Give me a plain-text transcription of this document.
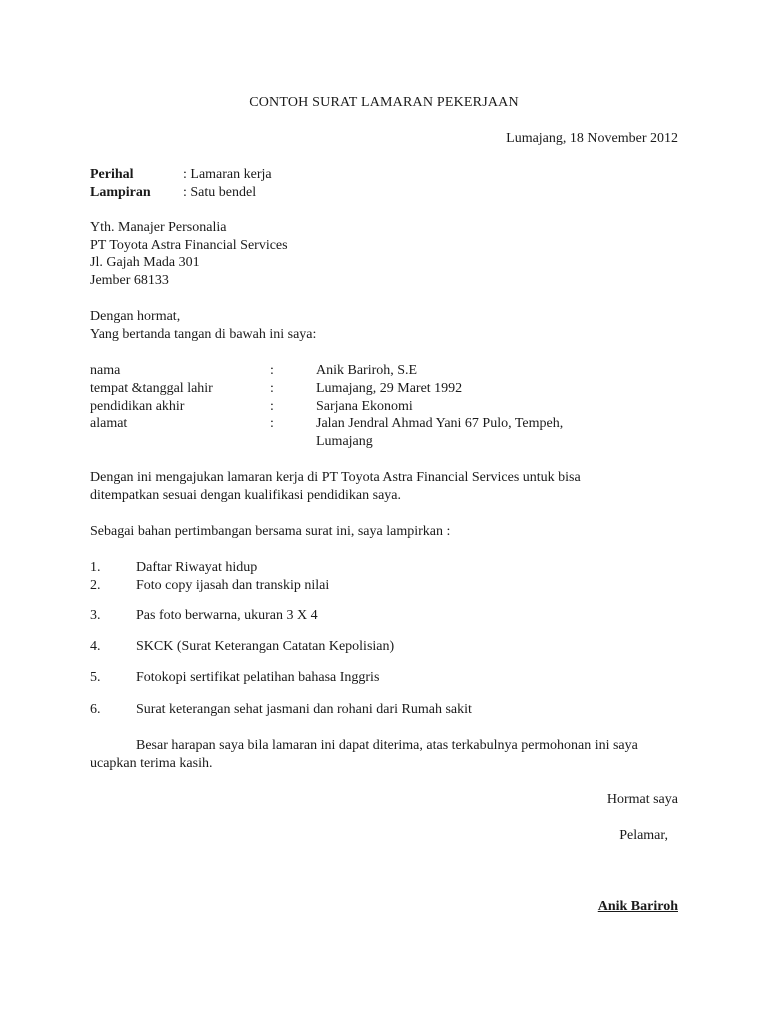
CONTOH SURAT LAMARAN PEKERJAAN
Lumajang, 18 November 2012
Perihal	: Lamaran kerja
Lampiran : Satu bendel
Yth. Manajer Personalia
PT Toyota Astra Financial Services
Jl. Gajah Mada 301
Jember 68133
Dengan hormat,
Yang bertanda tangan di bawah ini saya:
nama	:	Anik Bariroh, S.E
tempat &tanggal lahir	:	Lumajang, 29 Maret 1992
pendidikan akhir	:	Sarjana Ekonomi
alamat	:	Jalan Jendral Ahmad Yani 67 Pulo, Tempeh,
Lumajang
Dengan ini mengajukan lamaran kerja di PT Toyota Astra Financial Services untuk bisa
ditempatkan sesuai dengan kualifikasi pendidikan saya.
Sebagai bahan pertimbangan bersama surat ini, saya lampirkan :
1.	Daftar Riwayat hidup
2.	Foto copy ijasah dan transkip nilai
3.	Pas foto berwarna, ukuran 3 X 4
4.	SKCK (Surat Keterangan Catatan Kepolisian)
5.	Fotokopi sertifikat pelatihan bahasa Inggris
6.	Surat keterangan sehat jasmani dan rohani dari Rumah sakit
Besar harapan saya bila lamaran ini dapat diterima, atas terkabulnya permohonan ini saya
ucapkan terima kasih.
Hormat saya
Pelamar,
Anik Bariroh
